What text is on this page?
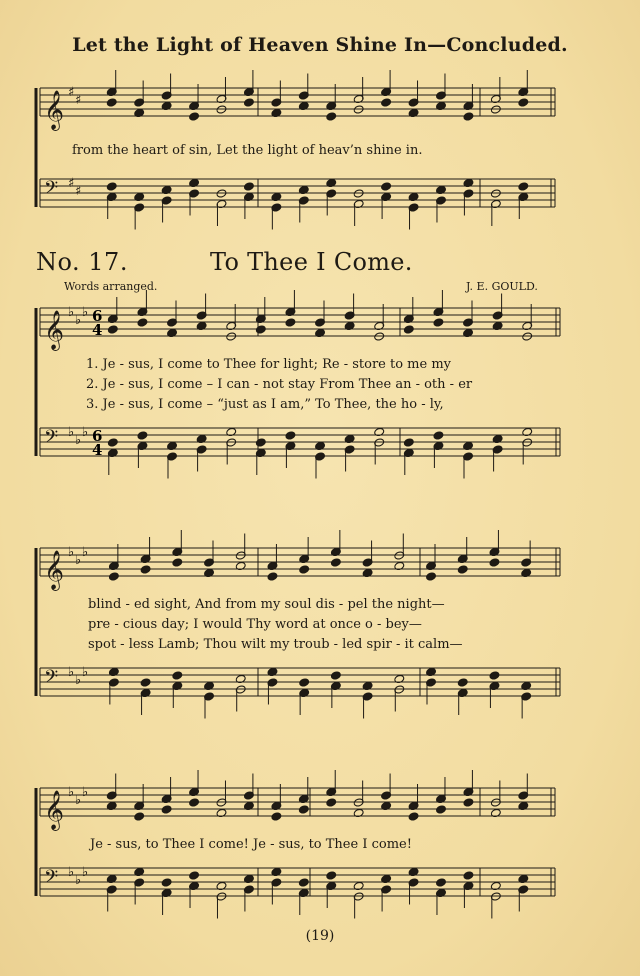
Let the Light of Heaven Shine In—Concluded.
𝄞 ♯
♯
𝄢 ♯
♯
𝄞 ♭
♭
♭ 6
4
𝄢 ♭
♭
♭ 6
4
𝄞 ♭
♭
♭
𝄢 ♭
♭
♭
𝄞 ♭
♭
♭
𝄢 ♭
♭
♭
from the heart of sin, Let the light of heav’n shine in.
No. 17.	To Thee I Come.
Words arranged.	J. E. GOULD.
1. Je - sus, I come to Thee for light; Re - store to me my
2. Je - sus, I come – I can - not stay From Thee an - oth - er
3. Je - sus, I come – “just as I am,” To Thee, the ho - ly,
blind - ed sight, And from my soul dis - pel the night—
pre - cious day; I would Thy word at once o - bey—
spot - less Lamb; Thou wilt my troub - led spir - it calm—
Je - sus, to Thee I come! Je - sus, to Thee I come!
(19)
